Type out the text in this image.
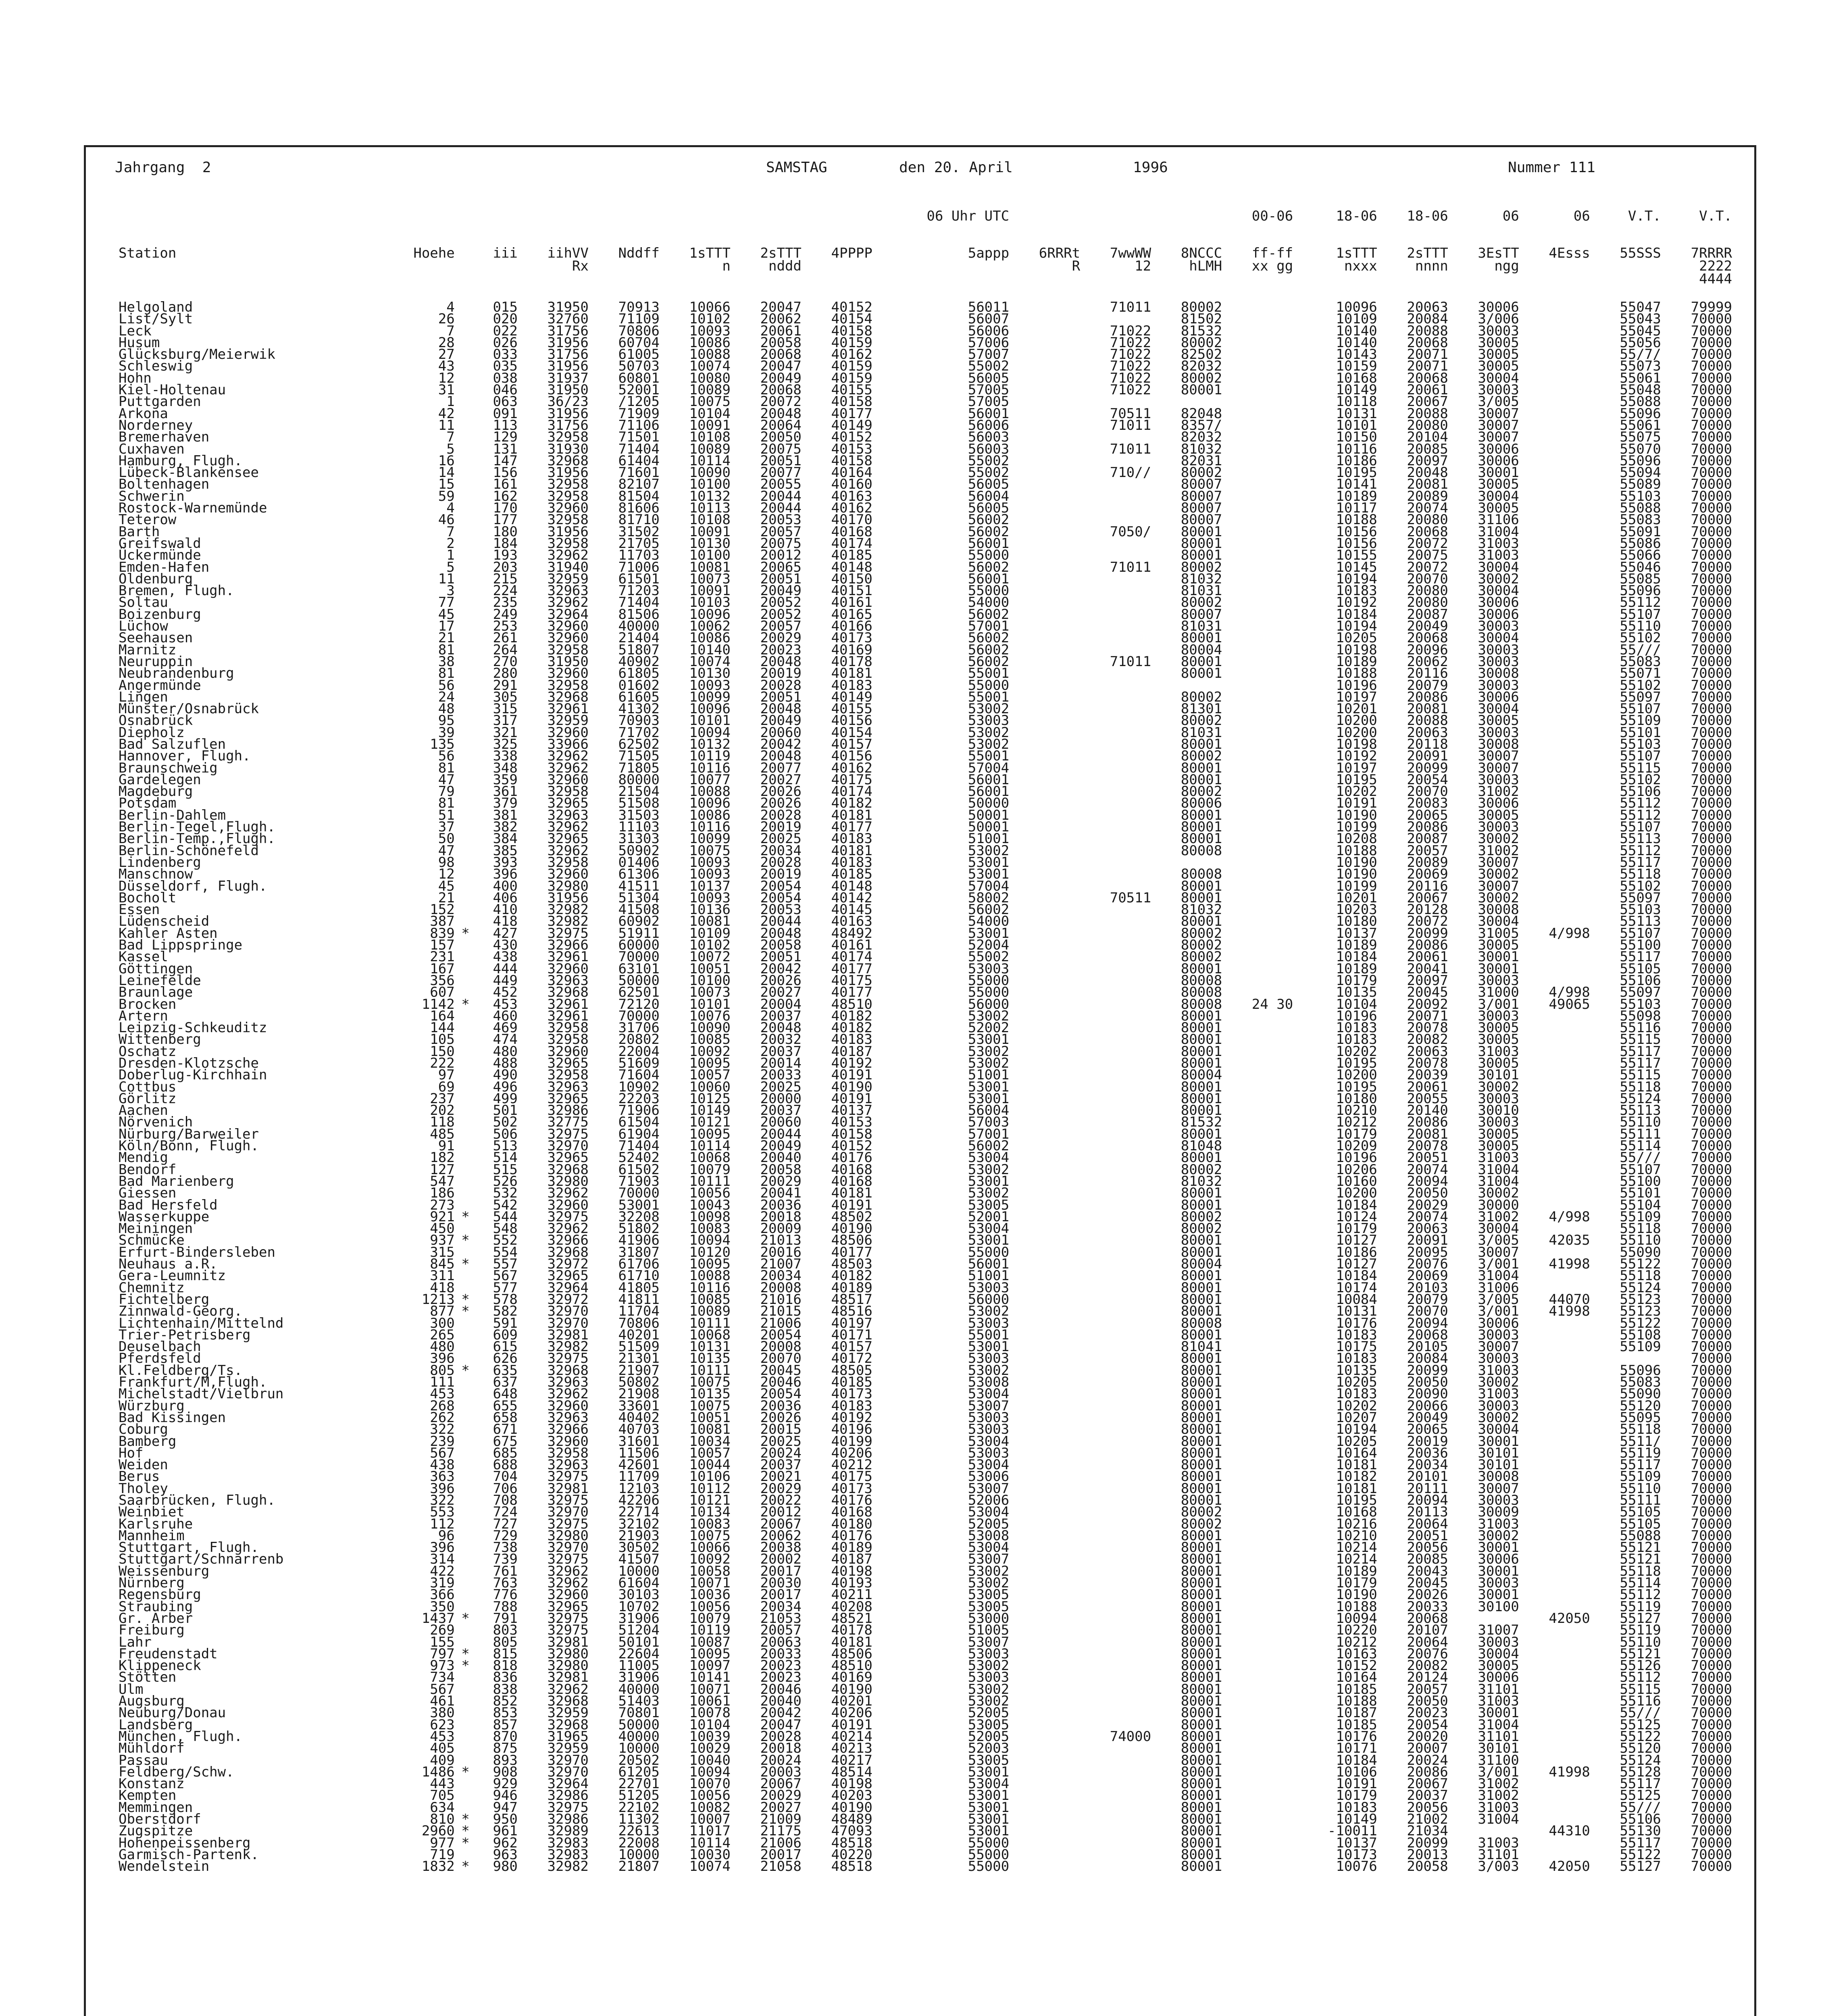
Jahrgang  2	SAMSTAG	den 20. April	1996	Nummer 111
									06 Uhr UTC				00-06	18-06	18-06	06	06	V.T.	V.T.

Station	Hoehe		iii	iihVV	Nddff	1sTTT	2sTTT	4PPPP	5appp	6RRRt	7wwWW	8NCCC	ff-ff	1sTTT	2sTTT	3EsTT	4Esss	55SSS	7RRRR
				Rx		n	nddd			R	12	hLMH	xx gg	nxxx	nnnn	ngg			2222
																			4444

Helgoland	4		015	31950	70913	10066	20047	40152	56011		71011	80002		10096	20063	30006		55047	79999
List/Sylt	26		020	32760	71109	10102	20062	40154	56007			81502		10109	20084	3/006		55043	70000
Leck	7		022	31756	70806	10093	20061	40158	56006		71022	81532		10140	20088	30003		55045	70000
Husum	28		026	31956	60704	10086	20058	40159	57006		71022	80002		10140	20068	30005		55056	70000
Glücksburg/Meierwik	27		033	31756	61005	10088	20068	40162	57007		71022	82502		10143	20071	30005		55/7/	70000
Schleswig	43		035	31956	50703	10074	20047	40159	55002		71022	82032		10159	20071	30005		55073	70000
Hohn	12		038	31937	60801	10080	20049	40159	56005		71022	80002		10168	20068	30004		55061	70000
Kiel-Holtenau	31		046	31950	52001	10089	20068	40155	57005		71022	80001		10149	20061	30003		55048	70000
Puttgarden	1		063	36/23	/1205	10075	20072	40158	57005					10118	20067	3/005		55088	70000
Arkona	42		091	31956	71909	10104	20048	40177	56001		70511	82048		10131	20088	30007		55096	70000
Norderney	11		113	31756	71106	10091	20064	40149	56006		71011	8357/		10101	20080	30007		55061	70000
Bremerhaven	7		129	32958	71501	10108	20050	40152	56003			82032		10150	20104	30007		55075	70000
Cuxhaven	5		131	31930	71404	10089	20075	40153	56003		71011	81032		10116	20085	30006		55070	70000
Hamburg, Flugh.	16		147	32968	61404	10114	20051	40158	55002			82031		10186	20097	30006		55096	70000
Lübeck-Blankensee	14		156	31956	71601	10090	20077	40164	55002		710//	80002		10195	20048	30001		55094	70000
Boltenhagen	15		161	32958	82107	10100	20055	40160	56005			80007		10141	20081	30005		55089	70000
Schwerin	59		162	32958	81504	10132	20044	40163	56004			80007		10189	20089	30004		55103	70000
Rostock-Warnemünde	4		170	32960	81606	10113	20044	40162	56005			80007		10117	20074	30005		55088	70000
Teterow	46		177	32958	81710	10108	20053	40170	56002			80007		10188	20080	31106		55083	70000
Barth	7		180	31956	31502	10091	20057	40168	56002		7050/	80001		10156	20068	31004		55091	70000
Greifswald	2		184	32958	21705	10130	20075	40174	56001			80001		10156	20072	31003		55086	70000
Ückermünde	1		193	32962	11703	10100	20012	40185	55000			80001		10155	20075	31003		55066	70000
Emden-Hafen	5		203	31940	71006	10081	20065	40148	56002		71011	80002		10145	20072	30004		55046	70000
Oldenburg	11		215	32959	61501	10073	20051	40150	56001			81032		10194	20070	30002		55085	70000
Bremen, Flugh.	3		224	32963	71203	10091	20049	40151	55000			81031		10183	20080	30004		55096	70000
Soltau	77		235	32962	71404	10103	20052	40161	54000			80002		10192	20080	30006		55112	70000
Boizenburg	45		249	32964	81506	10096	20052	40165	56002			80007		10184	20087	30006		55107	70000
Lüchow	17		253	32960	40000	10062	20057	40166	57001			81031		10194	20049	30003		55110	70000
Seehausen	21		261	32960	21404	10086	20029	40173	56002			80001		10205	20068	30004		55102	70000
Marnitz	81		264	32958	51807	10140	20023	40169	56002			80004		10198	20096	30003		55///	70000
Neuruppin	38		270	31950	40902	10074	20048	40178	56002		71011	80001		10189	20062	30003		55083	70000
Neubrandenburg	81		280	32960	61805	10130	20019	40181	55001			80001		10188	20116	30008		55071	70000
Angermünde	56		291	32958	01602	10093	20028	40183	55000					10196	20079	30003		55102	70000
Lingen	24		305	32968	61605	10099	20051	40149	55001			80002		10197	20086	30006		55097	70000
Münster/Osnabrück	48		315	32961	41302	10096	20048	40155	53002			81301		10201	20081	30004		55107	70000
Osnabrück	95		317	32959	70903	10101	20049	40156	53003			80002		10200	20088	30005		55109	70000
Diepholz	39		321	32960	71702	10094	20060	40154	53002			81031		10200	20063	30003		55101	70000
Bad Salzuflen	135		325	33966	62502	10132	20042	40157	53002			80001		10198	20118	30008		55103	70000
Hannover, Flugh.	56		338	32962	71505	10119	20048	40156	55001			80002		10192	20091	30007		55107	70000
Braunschweig	81		348	32962	71805	10116	20077	40162	57004			80001		10197	20099	30007		55115	70000
Gardelegen	47		359	32960	80000	10077	20027	40175	56001			80001		10195	20054	30003		55102	70000
Magdeburg	79		361	32958	21504	10088	20026	40174	56001			80002		10202	20070	31002		55106	70000
Potsdam	81		379	32965	51508	10096	20026	40182	50000			80006		10191	20083	30006		55112	70000
Berlin-Dahlem	51		381	32963	31503	10086	20028	40181	50001			80001		10190	20065	30005		55112	70000
Berlin-Tegel,Flugh.	37		382	32962	11103	10116	20019	40177	50001			80001		10199	20086	30003		55107	70000
Berlin-Temp.,Flugh.	50		384	32965	31303	10099	20025	40183	51001			80001		10208	20087	30002		55113	70000
Berlin-Schönefeld	47		385	32962	50902	10075	20034	40181	53002			80008		10188	20057	31002		55112	70000
Lindenberg	98		393	32958	01406	10093	20028	40183	53001					10190	20089	30007		55117	70000
Manschnow	12		396	32960	61306	10093	20019	40185	53001			80008		10190	20069	30002		55118	70000
Düsseldorf, Flugh.	45		400	32980	41511	10137	20054	40148	57004			80001		10199	20116	30007		55102	70000
Bocholt	21		406	31956	51304	10093	20054	40142	58002		70511	80001		10201	20067	30002		55097	70000
Essen	152		410	32982	41508	10136	20053	40145	56002			81032		10203	20128	30008		55103	70000
Lüdenscheid	387		418	32982	60902	10081	20044	40163	54000			80001		10180	20072	30004		55113	70000
Kahler Asten	839	*	427	32975	51911	10109	20048	48492	53001			80002		10137	20099	31005	4/998	55107	70000
Bad Lippspringe	157		430	32966	60000	10102	20058	40161	52004			80002		10189	20086	30005		55100	70000
Kassel	231		438	32961	70000	10072	20051	40174	55002			80002		10184	20061	30001		55117	70000
Göttingen	167		444	32960	63101	10051	20042	40177	53003			80001		10189	20041	30001		55105	70000
Leinefelde	356		449	32963	50000	10100	20026	40175	55000			80008		10179	20097	30003		55106	70000
Braunlage	607		452	32968	62501	10073	20027	40177	55000			80008		10135	20045	31000	4/998	55097	70000
Brocken	1142	*	453	32961	72120	10101	20004	48510	56000			80008	24 30	10104	20092	3/001	49065	55103	70000
Artern	164		460	32961	70000	10076	20037	40182	53002			80001		10196	20071	30003		55098	70000
Leipzig-Schkeuditz	144		469	32958	31706	10090	20048	40182	52002			80001		10183	20078	30005		55116	70000
Wittenberg	105		474	32958	20802	10085	20032	40183	53001			80001		10183	20082	30005		55115	70000
Oschatz	150		480	32960	22004	10092	20037	40187	53002			80001		10202	20063	31003		55117	70000
Dresden-Klotzsche	222		488	32965	51609	10095	20014	40192	53002			80001		10195	20078	30005		55117	70000
Doberlug-Kirchhain	97		490	32958	71604	10057	20033	40191	51001			80004		10200	20039	30101		55115	70000
Cottbus	69		496	32963	10902	10060	20025	40190	53001			80001		10195	20061	30002		55118	70000
Görlitz	237		499	32965	22203	10125	20000	40191	53001			80001		10180	20055	30003		55124	70000
Aachen	202		501	32986	71906	10149	20037	40137	56004			80001		10210	20140	30010		55113	70000
Nörvenich	118		502	32775	61504	10121	20060	40153	57003			81532		10212	20086	30003		55110	70000
Nürburg/Barweiler	485		506	32975	61904	10095	20044	40158	57001			80001		10179	20081	30005		55111	70000
Köln/Bonn, Flugh.	91		513	32970	71404	10114	20049	40152	56002			81048		10209	20078	30005		55114	70000
Mendig	182		514	32965	52402	10068	20040	40176	53004			80001		10196	20051	31003		55///	70000
Bendorf	127		515	32968	61502	10079	20058	40168	53002			80002		10206	20074	31004		55107	70000
Bad Marienberg	547		526	32980	71903	10111	20029	40168	53001			81032		10160	20094	31004		55100	70000
Giessen	186		532	32962	70000	10056	20041	40181	53002			80001		10200	20050	30002		55101	70000
Bad Hersfeld	273		542	32960	53001	10043	20036	40191	53005			80001		10184	20029	30000		55104	70000
Wasserkuppe	921	*	544	32975	32208	10098	20018	48502	52001			80002		10124	20074	31002	4/998	55109	70000
Meiningen	450		548	32962	51802	10083	20009	40190	53004			80002		10179	20063	30004		55118	70000
Schmücke	937	*	552	32966	41906	10094	21013	48506	53001			80001		10127	20091	3/005	42035	55110	70000
Erfurt-Bindersleben	315		554	32968	31807	10120	20016	40177	55000			80001		10186	20095	30007		55090	70000
Neuhaus a.R.	845	*	557	32972	61706	10095	21007	48503	56001			80004		10127	20076	3/001	41998	55122	70000
Gera-Leumnitz	311		567	32965	61710	10088	20034	40182	51001			80001		10184	20069	31004		55118	70000
Chemnitz	418		577	32964	41805	10116	20008	40189	53003			80001		10174	20103	31006		55124	70000
Fichtelberg	1213	*	578	32972	41811	10085	21016	48517	56000			80001		10084	20079	3/005	44070	55123	70000
Zinnwald-Georg.	877	*	582	32970	11704	10089	21015	48516	53002			80001		10131	20070	3/001	41998	55123	70000
Lichtenhain/Mittelnd	300		591	32970	70806	10111	21006	40197	53003			80008		10176	20094	30006		55122	70000
Trier-Petrisberg	265		609	32981	40201	10068	20054	40171	55001			80001		10183	20068	30003		55108	70000
Deuselbach	480		615	32982	51509	10131	20008	40157	53001			81041		10175	20105	30007		55109	70000
Pferdsfeld	396		626	32975	21301	10135	20070	40172	53003			80001		10183	20084	30003			70000
Kl.Feldberg/Ts.	805	*	635	32968	21907	10111	20045	48505	53002			80001		10135	20099	31003		55096	70000
Frankfurt/M,Flugh.	111		637	32963	50802	10075	20046	40185	53008			80001		10205	20050	30002		55083	70000
Michelstadt/Vielbrun	453		648	32962	21908	10135	20054	40173	53004			80001		10183	20090	31003		55090	70000
Würzburg	268		655	32960	33601	10075	20036	40183	53007			80001		10202	20066	30003		55120	70000
Bad Kissingen	262		658	32963	40402	10051	20026	40192	53003			80001		10207	20049	30002		55095	70000
Coburg	322		671	32966	40703	10081	20015	40196	53003			80001		10194	20065	30004		55118	70000
Bamberg	239		675	32960	31601	10034	20025	40199	53004			80001		10205	20019	30001		5511/	70000
Hof	567		685	32958	11506	10057	20024	40206	53003			80001		10164	20036	30101		55119	70000
Weiden	438		688	32963	42601	10044	20037	40212	53004			80001		10181	20034	30101		55117	70000
Berus	363		704	32975	11709	10106	20021	40175	53006			80001		10182	20101	30008		55109	70000
Tholey	396		706	32981	12103	10112	20029	40173	53007			80001		10181	20111	30007		55110	70000
Saarbrücken, Flugh.	322		708	32975	42206	10121	20022	40176	52006			80001		10195	20094	30003		55111	70000
Weinbiet	553		724	32970	22714	10134	20012	40168	53004			80002		10168	20113	30009		55105	70000
Karlsruhe	112		727	32975	32102	10083	20067	40180	52005			80002		10216	20064	31003		55105	70000
Mannheim	96		729	32980	21903	10075	20062	40176	53008			80001		10210	20051	30002		55088	70000
Stuttgart, Flugh.	396		738	32970	30502	10066	20038	40189	53004			80001		10214	20056	30001		55121	70000
Stuttgart/Schnarrenb	314		739	32975	41507	10092	20002	40187	53007			80001		10214	20085	30006		55121	70000
Weissenburg	422		761	32962	10000	10058	20017	40198	53002			80001		10189	20043	30001		55118	70000
Nürnberg	319		763	32962	61604	10071	20030	40193	53002			80001		10179	20045	30003		55114	70000
Regensburg	366		776	32960	30103	10036	20017	40211	53005			80001		10190	20026	30001		55112	70000
Straubing	350		788	32965	10702	10056	20034	40208	53005			80001		10188	20033	30100		55119	70000
Gr. Arber	1437	*	791	32975	31906	10079	21053	48521	53000			80001		10094	20068		42050	55127	70000
Freiburg	269		803	32975	51204	10119	20057	40178	51005			80001		10220	20107	31007		55119	70000
Lahr	155		805	32981	50101	10087	20063	40181	53007			80001		10212	20064	30003		55110	70000
Freudenstadt	797	*	815	32980	22604	10095	20033	48506	53003			80001		10163	20076	30004		55121	70000
Klippeneck	973	*	818	32980	11005	10097	20023	48510	53002			80001		10152	20082	30005		55126	70000
Stötten	734		836	32981	31906	10141	20023	40169	53003			80001		10164	20124	30006		55112	70000
Ulm	567		838	32962	40000	10071	20046	40190	53002			80001		10185	20057	31101		55115	70000
Augsburg	461		852	32968	51403	10061	20040	40201	53002			80001		10188	20050	31003		55116	70000
Neuburg/Donau	380		853	32959	70801	10078	20042	40206	52005			80001		10187	20023	30001		55///	70000
Landsberg	623		857	32968	50000	10104	20047	40191	53005			80001		10185	20054	31004		55125	70000
München, Flugh.	453		870	31965	40000	10039	20028	40214	52005		74000	80001		10176	20020	31101		55122	70000
Mühldorf	405		875	32959	10000	10029	20018	40213	52003			80001		10171	20007	30101		55120	70000
Passau	409		893	32970	20502	10040	20024	40217	53005			80001		10184	20024	31100		55124	70000
Feldberg/Schw.	1486	*	908	32970	61205	10094	20003	48514	53001			80001		10106	20086	3/001	41998	55128	70000
Konstanz	443		929	32964	22701	10070	20067	40198	53004			80001		10191	20067	31002		55117	70000
Kempten	705		946	32986	51205	10056	20029	40203	53001			80001		10179	20037	31002		55125	70000
Memmingen	634		947	32975	22102	10082	20027	40190	53001			80001		10183	20056	31003		55///	70000
Oberstdorf	810	*	950	32986	11302	10007	21009	48489	53001			80001		10149	21002	31004		55106	70000
Zugspitze	2960	*	961	32989	22613	11017	21175	47093	53001			80001		-10011	21034		44310	55130	70000
Hohenpeissenberg	977	*	962	32983	22008	10114	21006	48518	55000			80001		10137	20099	31003		55117	70000
Garmisch-Partenk.	719		963	32983	10000	10030	20017	40220	55000			80001		10173	20013	31101		55122	70000
Wendelstein	1832	*	980	32982	21807	10074	21058	48518	55000			80001		10076	20058	3/003	42050	55127	70000
